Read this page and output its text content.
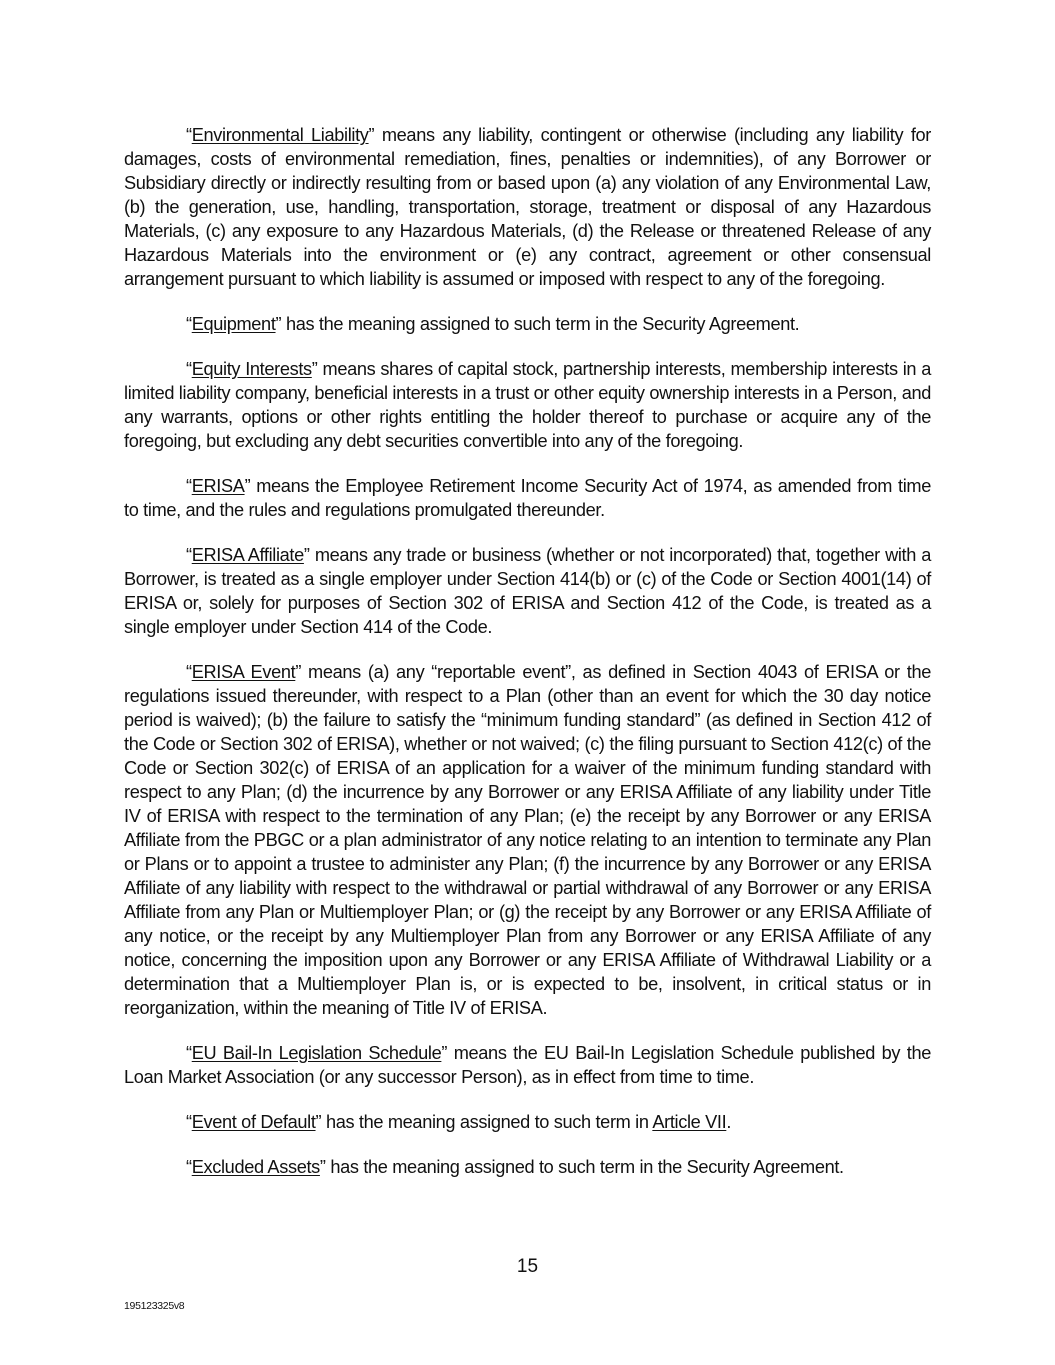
“Environmental Liability” means any liability, contingent or otherwise (including any liability for damages, costs of environmental remediation, fines, penalties or indemnities), of any Borrower or Subsidiary directly or indirectly resulting from or based upon (a) any violation of any Environmental Law, (b) the generation, use, handling, transportation, storage, treatment or disposal of any Hazardous Materials, (c) any exposure to any Hazardous Materials, (d) the Release or threatened Release of any Hazardous Materials into the environment or (e) any contract, agreement or other consensual arrangement pursuant to which liability is assumed or imposed with respect to any of the foregoing.

“Equipment” has the meaning assigned to such term in the Security Agreement.

“Equity Interests” means shares of capital stock, partnership interests, membership interests in a limited liability company, beneficial interests in a trust or other equity ownership interests in a Person, and any warrants, options or other rights entitling the holder thereof to purchase or acquire any of the foregoing, but excluding any debt securities convertible into any of the foregoing.

“ERISA” means the Employee Retirement Income Security Act of 1974, as amended from time to time, and the rules and regulations promulgated thereunder.

“ERISA Affiliate” means any trade or business (whether or not incorporated) that, together with a Borrower, is treated as a single employer under Section 414(b) or (c) of the Code or Section 4001(14) of ERISA or, solely for purposes of Section 302 of ERISA and Section 412 of the Code, is treated as a single employer under Section 414 of the Code.

“ERISA Event” means (a) any “reportable event”, as defined in Section 4043 of ERISA or the regulations issued thereunder, with respect to a Plan (other than an event for which the 30 day notice period is waived); (b) the failure to satisfy the “minimum funding standard” (as defined in Section 412 of the Code or Section 302 of ERISA), whether or not waived; (c) the filing pursuant to Section 412(c) of the Code or Section 302(c) of ERISA of an application for a waiver of the minimum funding standard with respect to any Plan; (d) the incurrence by any Borrower or any ERISA Affiliate of any liability under Title IV of ERISA with respect to the termination of any Plan; (e) the receipt by any Borrower or any ERISA Affiliate from the PBGC or a plan administrator of any notice relating to an intention to terminate any Plan or Plans or to appoint a trustee to administer any Plan; (f) the incurrence by any Borrower or any ERISA Affiliate of any liability with respect to the withdrawal or partial withdrawal of any Borrower or any ERISA Affiliate from any Plan or Multiemployer Plan; or (g) the receipt by any Borrower or any ERISA Affiliate of any notice, or the receipt by any Multiemployer Plan from any Borrower or any ERISA Affiliate of any notice, concerning the imposition upon any Borrower or any ERISA Affiliate of Withdrawal Liability or a determination that a Multiemployer Plan is, or is expected to be, insolvent, in critical status or in reorganization, within the meaning of Title IV of ERISA.

“EU Bail-In Legislation Schedule” means the EU Bail-In Legislation Schedule published by the Loan Market Association (or any successor Person), as in effect from time to time.

“Event of Default” has the meaning assigned to such term in Article VII.

“Excluded Assets” has the meaning assigned to such term in the Security Agreement.

15
195123325v8
